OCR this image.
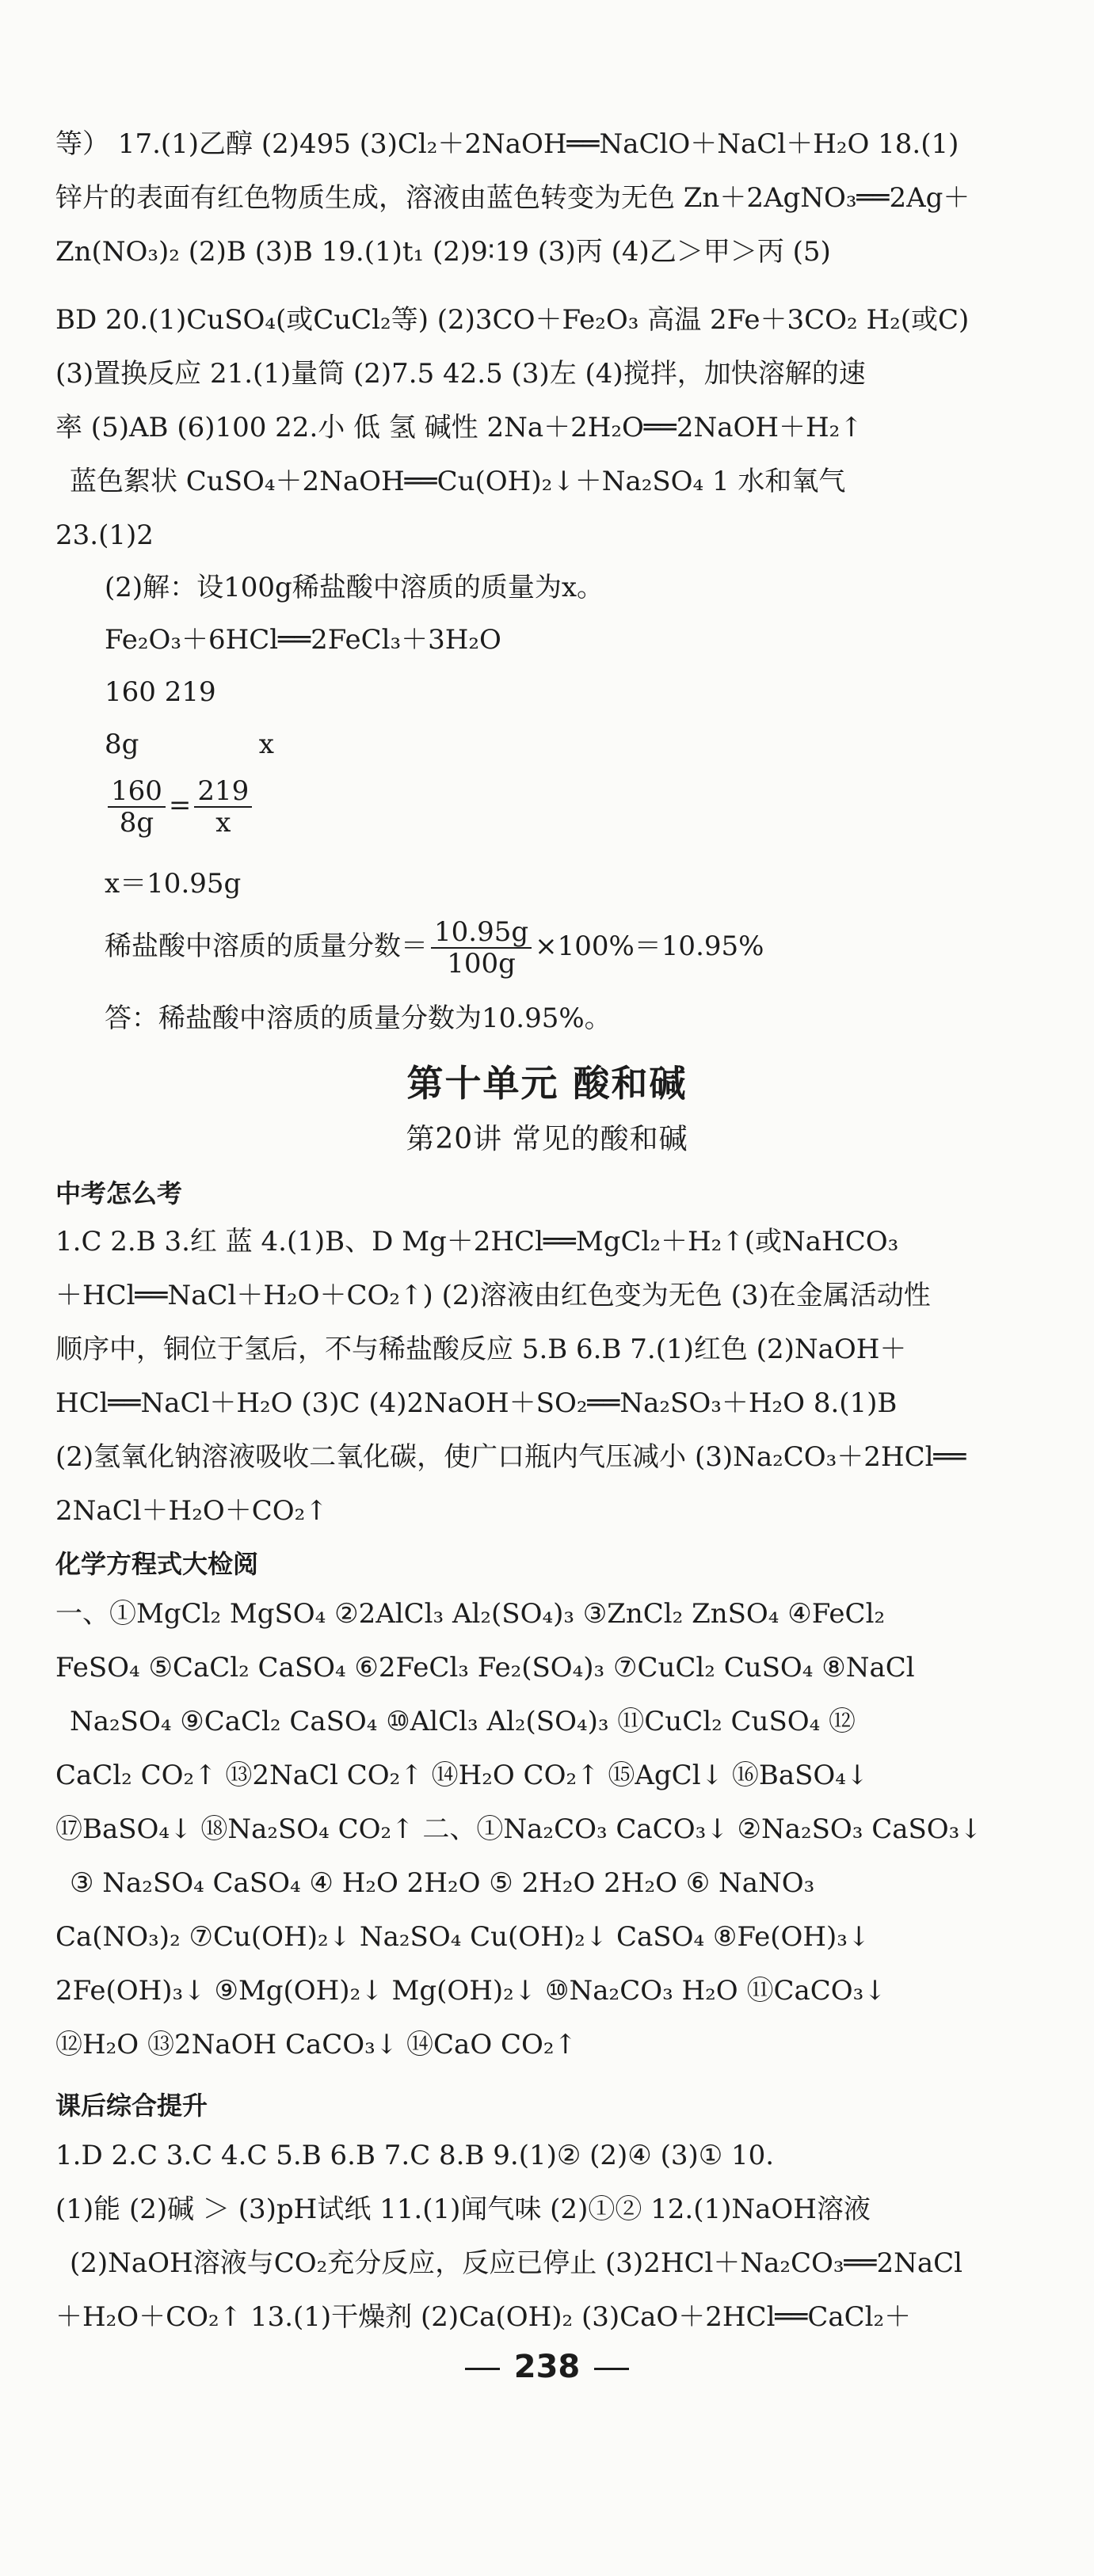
等） 17.(1)乙醇 (2)495 (3)Cl₂＋2NaOH══NaClO＋NaCl＋H₂O 18.(1)
锌片的表面有红色物质生成，溶液由蓝色转变为无色 Zn＋2AgNO₃══2Ag＋
Zn(NO₃)₂ (2)B (3)B 19.(1)t₁ (2)9∶19 (3)丙 (4)乙＞甲＞丙 (5)
BD 20.(1)CuSO₄(或CuCl₂等) (2)3CO＋Fe₂O₃ 高温 2Fe＋3CO₂ H₂(或C)
(3)置换反应 21.(1)量筒 (2)7.5 42.5 (3)左 (4)搅拌，加快溶解的速
率 (5)AB (6)100 22.小 低 氢 碱性 2Na＋2H₂O══2NaOH＋H₂↑
蓝色絮状 CuSO₄＋2NaOH══Cu(OH)₂↓＋Na₂SO₄ 1 水和氧气
23.(1)2
(2)解：设100g稀盐酸中溶质的质量为x。
Fe₂O₃＋6HCl══2FeCl₃＋3H₂O
160 219
8g              x
$\frac{160}{8g} = \frac{219}{x}$
x＝10.95g
稀盐酸中溶质的质量分数＝ $\frac{10.95g}{100g} \times 100\%=10.95\%$
答：稀盐酸中溶质的质量分数为10.95%。
第十单元 酸和碱
第20讲 常见的酸和碱
中考怎么考
1.C 2.B 3.红 蓝 4.(1)B、D Mg＋2HCl══MgCl₂＋H₂↑(或NaHCO₃
＋HCl══NaCl＋H₂O＋CO₂↑) (2)溶液由红色变为无色 (3)在金属活动性
顺序中，铜位于氢后，不与稀盐酸反应 5.B 6.B 7.(1)红色 (2)NaOH＋
HCl══NaCl＋H₂O (3)C (4)2NaOH＋SO₂══Na₂SO₃＋H₂O 8.(1)B
(2)氢氧化钠溶液吸收二氧化碳，使广口瓶内气压减小 (3)Na₂CO₃＋2HCl══
2NaCl＋H₂O＋CO₂↑
化学方程式大检阅
一、①MgCl₂ MgSO₄ ②2AlCl₃ Al₂(SO₄)₃ ③ZnCl₂ ZnSO₄ ④FeCl₂
FeSO₄ ⑤CaCl₂ CaSO₄ ⑥2FeCl₃ Fe₂(SO₄)₃ ⑦CuCl₂ CuSO₄ ⑧NaCl
Na₂SO₄ ⑨CaCl₂ CaSO₄ ⑩AlCl₃ Al₂(SO₄)₃ ⑪CuCl₂ CuSO₄ ⑫
CaCl₂ CO₂↑ ⑬2NaCl CO₂↑ ⑭H₂O CO₂↑ ⑮AgCl↓ ⑯BaSO₄↓
⑰BaSO₄↓ ⑱Na₂SO₄ CO₂↑ 二、①Na₂CO₃ CaCO₃↓ ②Na₂SO₃ CaSO₃↓
③ Na₂SO₄ CaSO₄ ④ H₂O 2H₂O ⑤ 2H₂O 2H₂O ⑥ NaNO₃
Ca(NO₃)₂ ⑦Cu(OH)₂↓ Na₂SO₄ Cu(OH)₂↓ CaSO₄ ⑧Fe(OH)₃↓
2Fe(OH)₃↓ ⑨Mg(OH)₂↓ Mg(OH)₂↓ ⑩Na₂CO₃ H₂O ⑪CaCO₃↓
⑫H₂O ⑬2NaOH CaCO₃↓ ⑭CaO CO₂↑
课后综合提升
1.D 2.C 3.C 4.C 5.B 6.B 7.C 8.B 9.(1)② (2)④ (3)① 10.
(1)能 (2)碱 ＞ (3)pH试纸 11.(1)闻气味 (2)①② 12.(1)NaOH溶液
(2)NaOH溶液与CO₂充分反应，反应已停止 (3)2HCl＋Na₂CO₃══2NaCl
＋H₂O＋CO₂↑ 13.(1)干燥剂 (2)Ca(OH)₂ (3)CaO＋2HCl══CaCl₂＋
238
